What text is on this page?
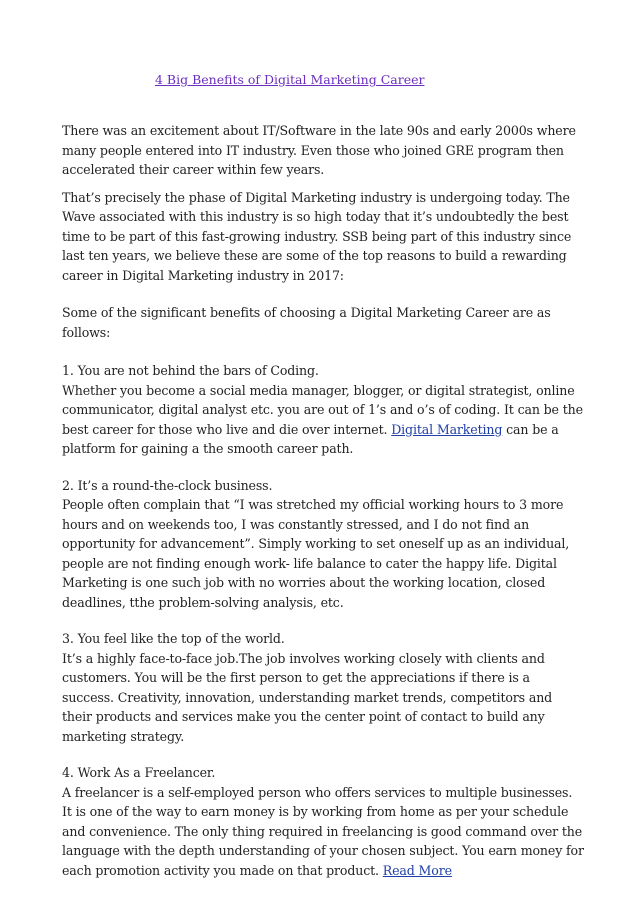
4 Big Benefits of Digital Marketing Career

There was an excitement about IT/Software in the late 90s and early 2000s where many people entered into IT industry. Even those who joined GRE program then accelerated their career within few years.

That’s precisely the phase of Digital Marketing industry is undergoing today. The Wave associated with this industry is so high today that it’s undoubtedly the best time to be part of this fast-growing industry. SSB being part of this industry since last ten years, we believe these are some of the top reasons to build a rewarding career in Digital Marketing industry in 2017:

Some of the significant benefits of choosing a Digital Marketing Career are as follows:

1. You are not behind the bars of Coding.

Whether you become a social media manager, blogger, or digital strategist, online communicator, digital analyst etc. you are out of 1’s and o’s of coding. It can be the best career for those who live and die over internet. Digital Marketing can be a platform for gaining a the smooth career path.

2. It’s a round-the-clock business.

People often complain that “I was stretched my official working hours to 3 more hours and on weekends too, I was constantly stressed, and I do not find an opportunity for advancement”. Simply working to set oneself up as an individual, people are not finding enough work- life balance to cater the happy life. Digital Marketing is one such job with no worries about the working location, closed deadlines, tthe problem-solving analysis, etc.

3. You feel like the top of the world.

It’s a highly face-to-face job.The job involves working closely with clients and customers. You will be the first person to get the appreciations if there is a success. Creativity, innovation, understanding market trends, competitors and their products and services make you the center point of contact to build any marketing strategy.

4. Work As a Freelancer.

A freelancer is a self-employed person who offers services to multiple businesses. It is one of the way to earn money is by working from home as per your schedule and convenience. The only thing required in freelancing is good command over the language with the depth understanding of your chosen subject. You earn money for each promotion activity you made on that product. Read More
